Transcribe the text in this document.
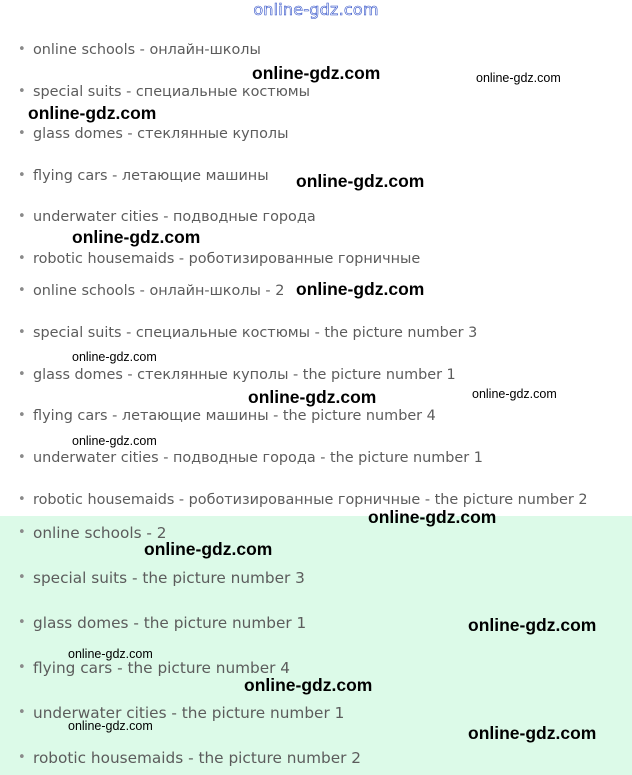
online-gdz.com
• online schools - онлайн-школы
• special suits - специальные костюмы
• glass domes - стеклянные куполы
• flying cars - летающие машины
• underwater cities - подводные города
• robotic housemaids - роботизированные горничные
• online schools - онлайн-школы - 2
• special suits - специальные костюмы - the picture number 3
• glass domes - стеклянные куполы - the picture number 1
• flying cars - летающие машины - the picture number 4
• underwater cities - подводные города - the picture number 1
• robotic housemaids - роботизированные горничные - the picture number 2
• online schools - 2
• special suits - the picture number 3
• glass domes - the picture number 1
• flying cars - the picture number 4
• underwater cities - the picture number 1
• robotic housemaids - the picture number 2
online-gdz.com	online-gdz.com
online-gdz.com
online-gdz.com
online-gdz.com
online-gdz.com
online-gdz.com
online-gdz.com	online-gdz.com
online-gdz.com
online-gdz.com
online-gdz.com
online-gdz.com
online-gdz.com
online-gdz.com
online-gdz.com	online-gdz.com
